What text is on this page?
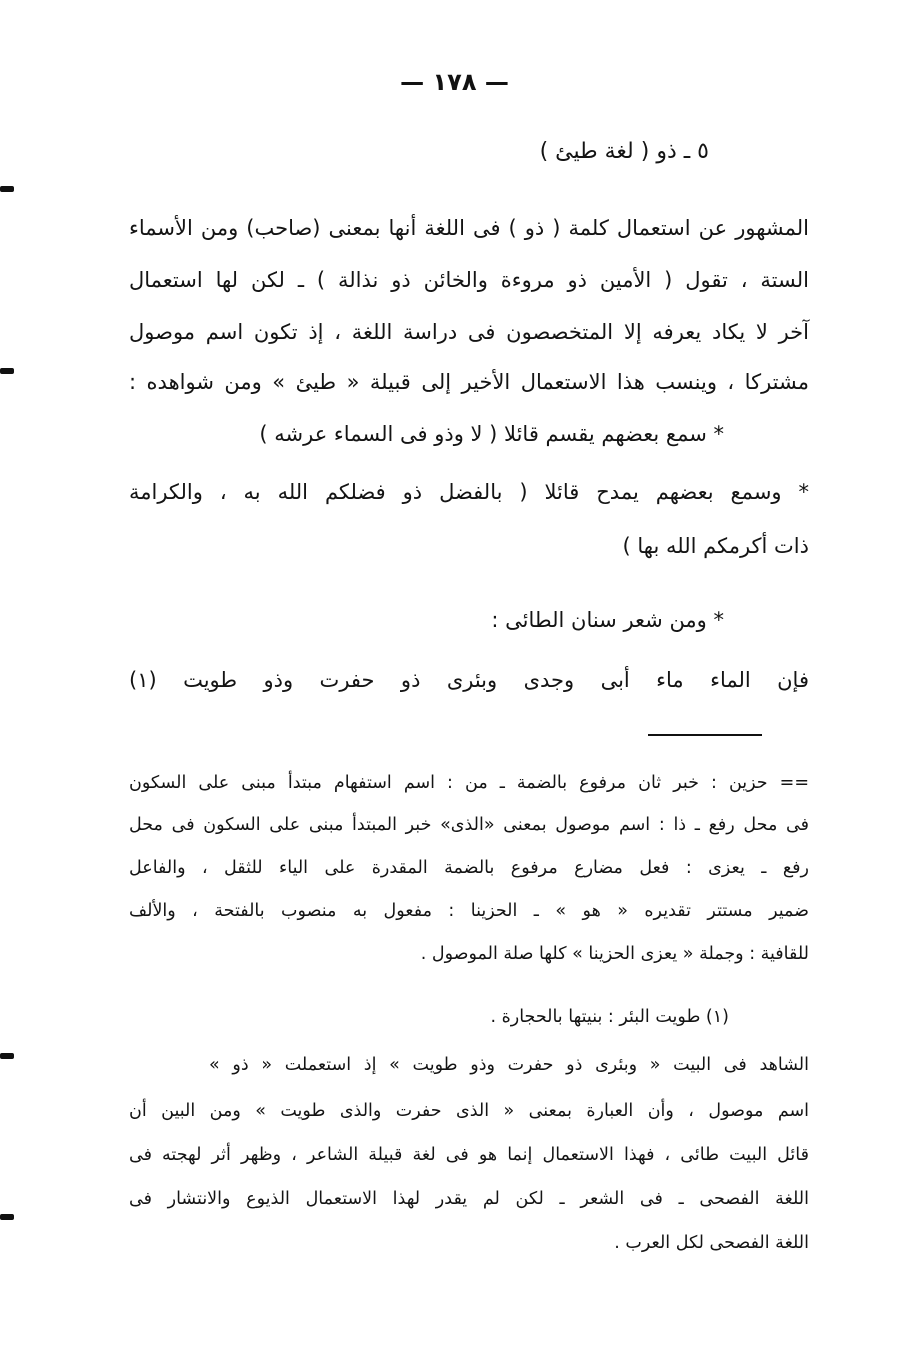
— ١٧٨ —
٥ ـ ذو ( لغة طيئ )
المشهور عن استعمال كلمة ( ذو ) فى اللغة أنها بمعنى (صاحب) ومن الأسماء
الستة ، تقول ( الأمين ذو مروءة والخائن ذو نذالة ) ـ لكن لها استعمال
آخر لا يكاد يعرفه إلا المتخصصون فى دراسة اللغة ، إذ تكون اسم موصول
مشتركا ، وينسب هذا الاستعمال الأخير إلى قبيلة « طيئ » ومن شواهده :
* سمع بعضهم يقسم قائلا ( لا وذو فى السماء عرشه )
* وسمع بعضهم يمدح قائلا ( بالفضل ذو فضلكم الله به ، والكرامة
ذات أكرمكم الله بها )
* ومن شعر سنان الطائى :
فإن الماء ماء أبى وجدى وبئرى ذو حفرت وذو طويت (١)
== حزين : خبر ثان مرفوع بالضمة ـ من : اسم استفهام مبتدأ مبنى على السكون
فى محل رفع ـ ذا : اسم موصول بمعنى «الذى» خبر المبتدأ مبنى على السكون فى محل
رفع ـ يعزى : فعل مضارع مرفوع بالضمة المقدرة على الياء للثقل ، والفاعل
ضمير مستتر تقديره « هو » ـ الحزينا : مفعول به منصوب بالفتحة ، والألف
للقافية : وجملة « يعزى الحزينا » كلها صلة الموصول .
(١) طويت البئر : بنيتها بالحجارة .
الشاهد فى البيت « وبئرى ذو حفرت وذو طويت » إذ استعملت « ذو »
اسم موصول ، وأن العبارة بمعنى « الذى حفرت والذى طويت » ومن البين أن
قائل البيت طائى ، فهذا الاستعمال إنما هو فى لغة قبيلة الشاعر ، وظهر أثر لهجته فى
اللغة الفصحى ـ فى الشعر ـ لكن لم يقدر لهذا الاستعمال الذيوع والانتشار فى
اللغة الفصحى لكل العرب .
